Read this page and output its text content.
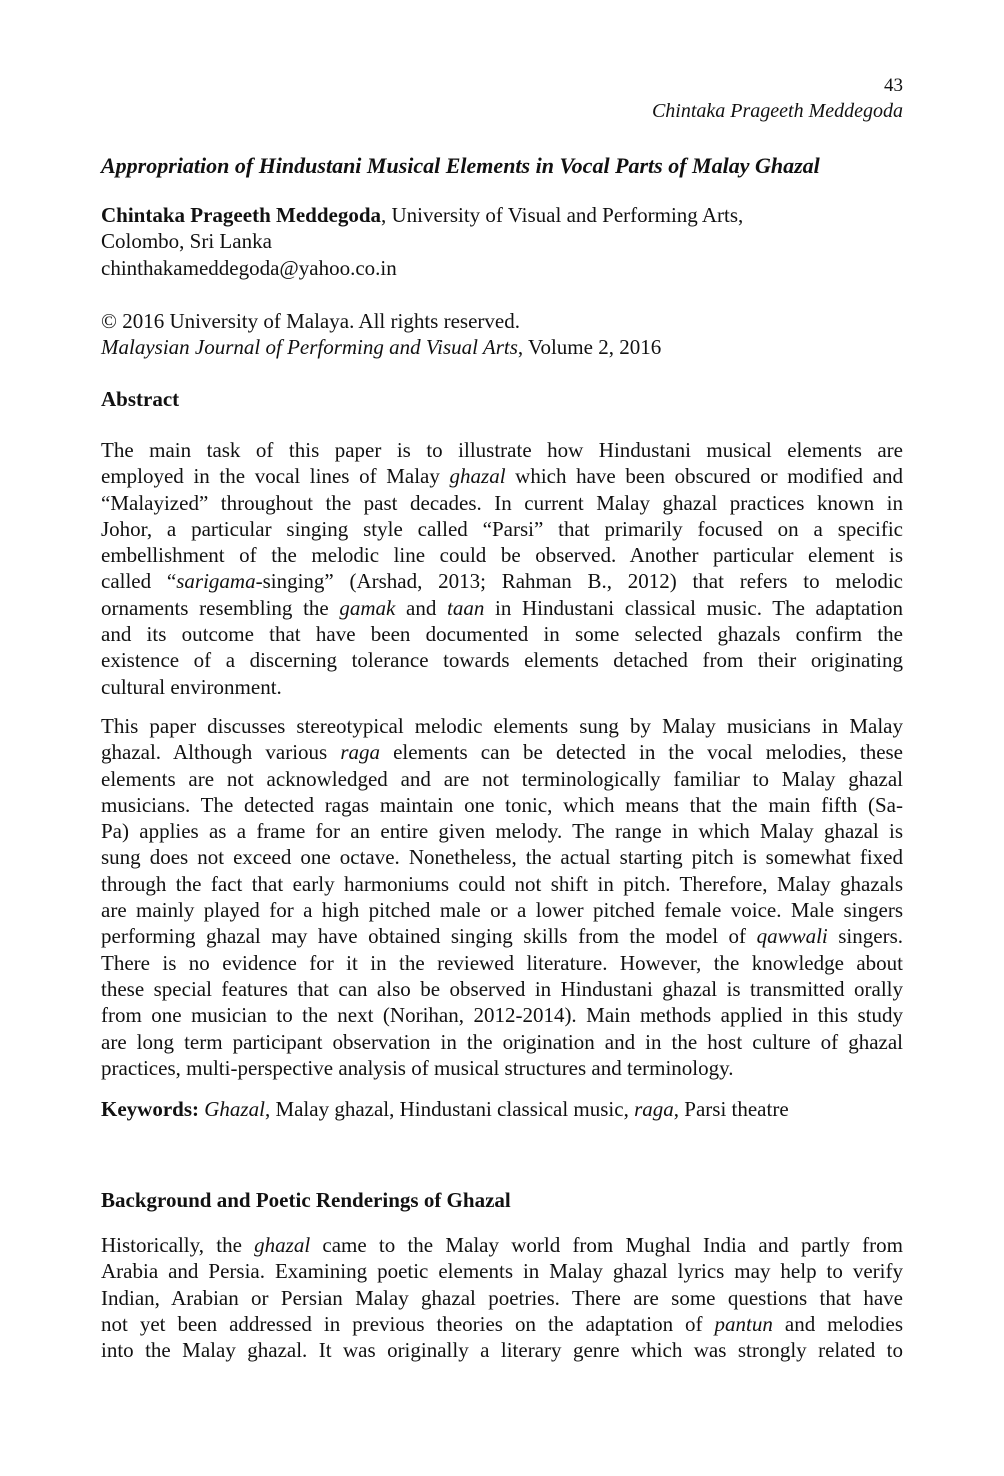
43
Chintaka Prageeth Meddegoda
Appropriation of Hindustani Musical Elements in Vocal Parts of Malay Ghazal
Chintaka Prageeth Meddegoda, University of Visual and Performing Arts,
Colombo, Sri Lanka
chinthakameddegoda@yahoo.co.in
© 2016 University of Malaya. All rights reserved.
Malaysian Journal of Performing and Visual Arts, Volume 2, 2016
Abstract
The main task of this paper is to illustrate how Hindustani musical elements are
employed in the vocal lines of Malay ghazal which have been obscured or modified and
“Malayized” throughout the past decades. In current Malay ghazal practices known in
Johor, a particular singing style called “Parsi” that primarily focused on a specific
embellishment of the melodic line could be observed. Another particular element is
called “sarigama-singing” (Arshad, 2013; Rahman B., 2012) that refers to melodic
ornaments resembling the gamak and taan in Hindustani classical music. The adaptation
and its outcome that have been documented in some selected ghazals confirm the
existence of a discerning tolerance towards elements detached from their originating
cultural environment.
This paper discusses stereotypical melodic elements sung by Malay musicians in Malay
ghazal. Although various raga elements can be detected in the vocal melodies, these
elements are not acknowledged and are not terminologically familiar to Malay ghazal
musicians. The detected ragas maintain one tonic, which means that the main fifth (Sa-
Pa) applies as a frame for an entire given melody. The range in which Malay ghazal is
sung does not exceed one octave. Nonetheless, the actual starting pitch is somewhat fixed
through the fact that early harmoniums could not shift in pitch. Therefore, Malay ghazals
are mainly played for a high pitched male or a lower pitched female voice. Male singers
performing ghazal may have obtained singing skills from the model of qawwali singers.
There is no evidence for it in the reviewed literature. However, the knowledge about
these special features that can also be observed in Hindustani ghazal is transmitted orally
from one musician to the next (Norihan, 2012-2014). Main methods applied in this study
are long term participant observation in the origination and in the host culture of ghazal
practices, multi-perspective analysis of musical structures and terminology.
Keywords: Ghazal, Malay ghazal, Hindustani classical music, raga, Parsi theatre
Background and Poetic Renderings of Ghazal
Historically, the ghazal came to the Malay world from Mughal India and partly from
Arabia and Persia. Examining poetic elements in Malay ghazal lyrics may help to verify
Indian, Arabian or Persian Malay ghazal poetries. There are some questions that have
not yet been addressed in previous theories on the adaptation of pantun and melodies
into the Malay ghazal. It was originally a literary genre which was strongly related to
